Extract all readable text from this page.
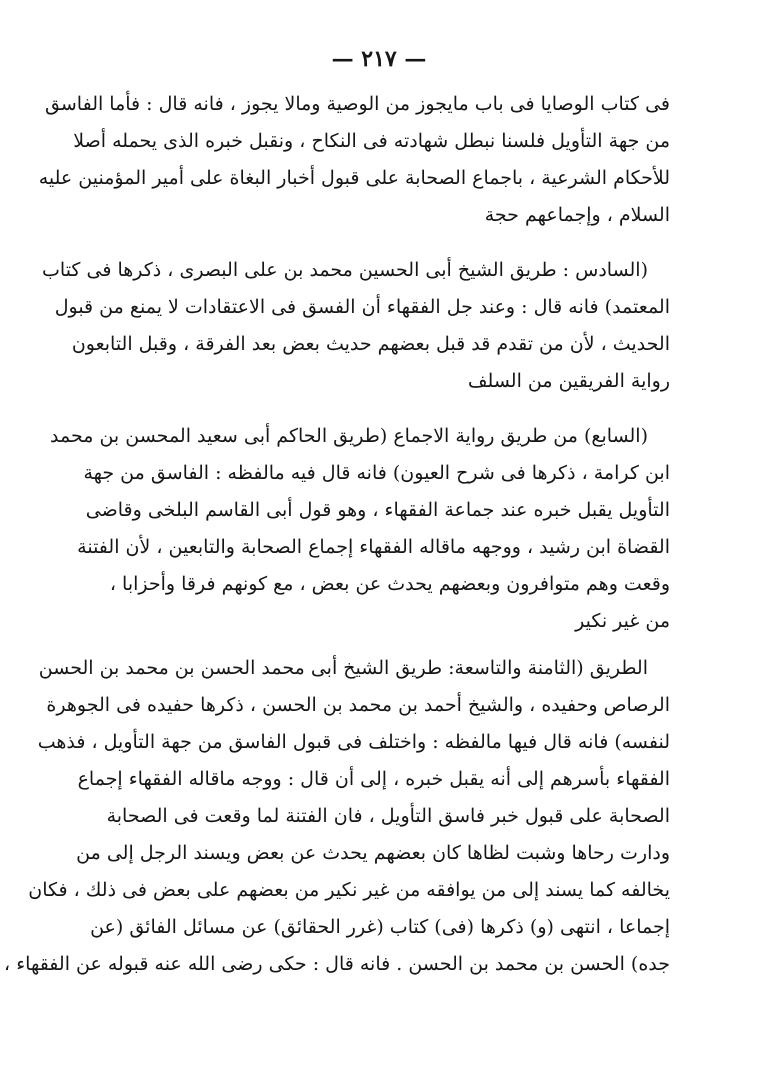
— ٢١٧ —
فى كتاب الوصايا فى باب مايجوز من الوصية ومالا يجوز ، فانه قال : فأما الفاسق
من جهة التأويل فلسنا نبطل شهادته فى النكاح ، ونقبل خبره الذى يحمله أصلا
للأحكام الشرعية ، باجماع الصحابة على قبول أخبار البغاة على أمير المؤمنين عليه
السلام ، وإجماعهم حجة
(السادس : طريق الشيخ أبى الحسين محمد بن على البصرى ، ذكرها فى كتاب
المعتمد) فانه قال : وعند جل الفقهاء أن الفسق فى الاعتقادات لا يمنع من قبول
الحديث ، لأن من تقدم قد قبل بعضهم حديث بعض بعد الفرقة ، وقبل التابعون
رواية الفريقين من السلف
(السابع) من طريق رواية الاجماع (طريق الحاكم أبى سعيد المحسن بن محمد
ابن كرامة ، ذكرها فى شرح العيون) فانه قال فيه مالفظه : الفاسق من جهة
التأويل يقبل خبره عند جماعة الفقهاء ، وهو قول أبى القاسم البلخى وقاضى
القضاة ابن رشيد ، ووجهه ماقاله الفقهاء إجماع الصحابة والتابعين ، لأن الفتنة
وقعت وهم متوافرون وبعضهم يحدث عن بعض ، مع كونهم فرقا وأحزابا ،
من غير نكير
الطريق (الثامنة والتاسعة: طريق الشيخ أبى محمد الحسن بن محمد بن الحسن
الرصاص وحفيده ، والشيخ أحمد بن محمد بن الحسن ، ذكرها حفيده فى الجوهرة
لنفسه) فانه قال فيها مالفظه : واختلف فى قبول الفاسق من جهة التأويل ، فذهب
الفقهاء بأسرهم إلى أنه يقبل خبره ، إلى أن قال : ووجه ماقاله الفقهاء إجماع
الصحابة على قبول خبر فاسق التأويل ، فان الفتنة لما وقعت فى الصحابة
ودارت رحاها وشبت لظاها كان بعضهم يحدث عن بعض ويسند الرجل إلى من
يخالفه كما يسند إلى من يوافقه من غير نكير من بعضهم على بعض فى ذلك ، فكان
إجماعا ، انتهى (و) ذكرها (فى) كتاب (غرر الحقائق) عن مسائل الفائق (عن
جده) الحسن بن محمد بن الحسن . فانه قال : حكى رضى الله عنه قبوله عن الفقهاء ،
